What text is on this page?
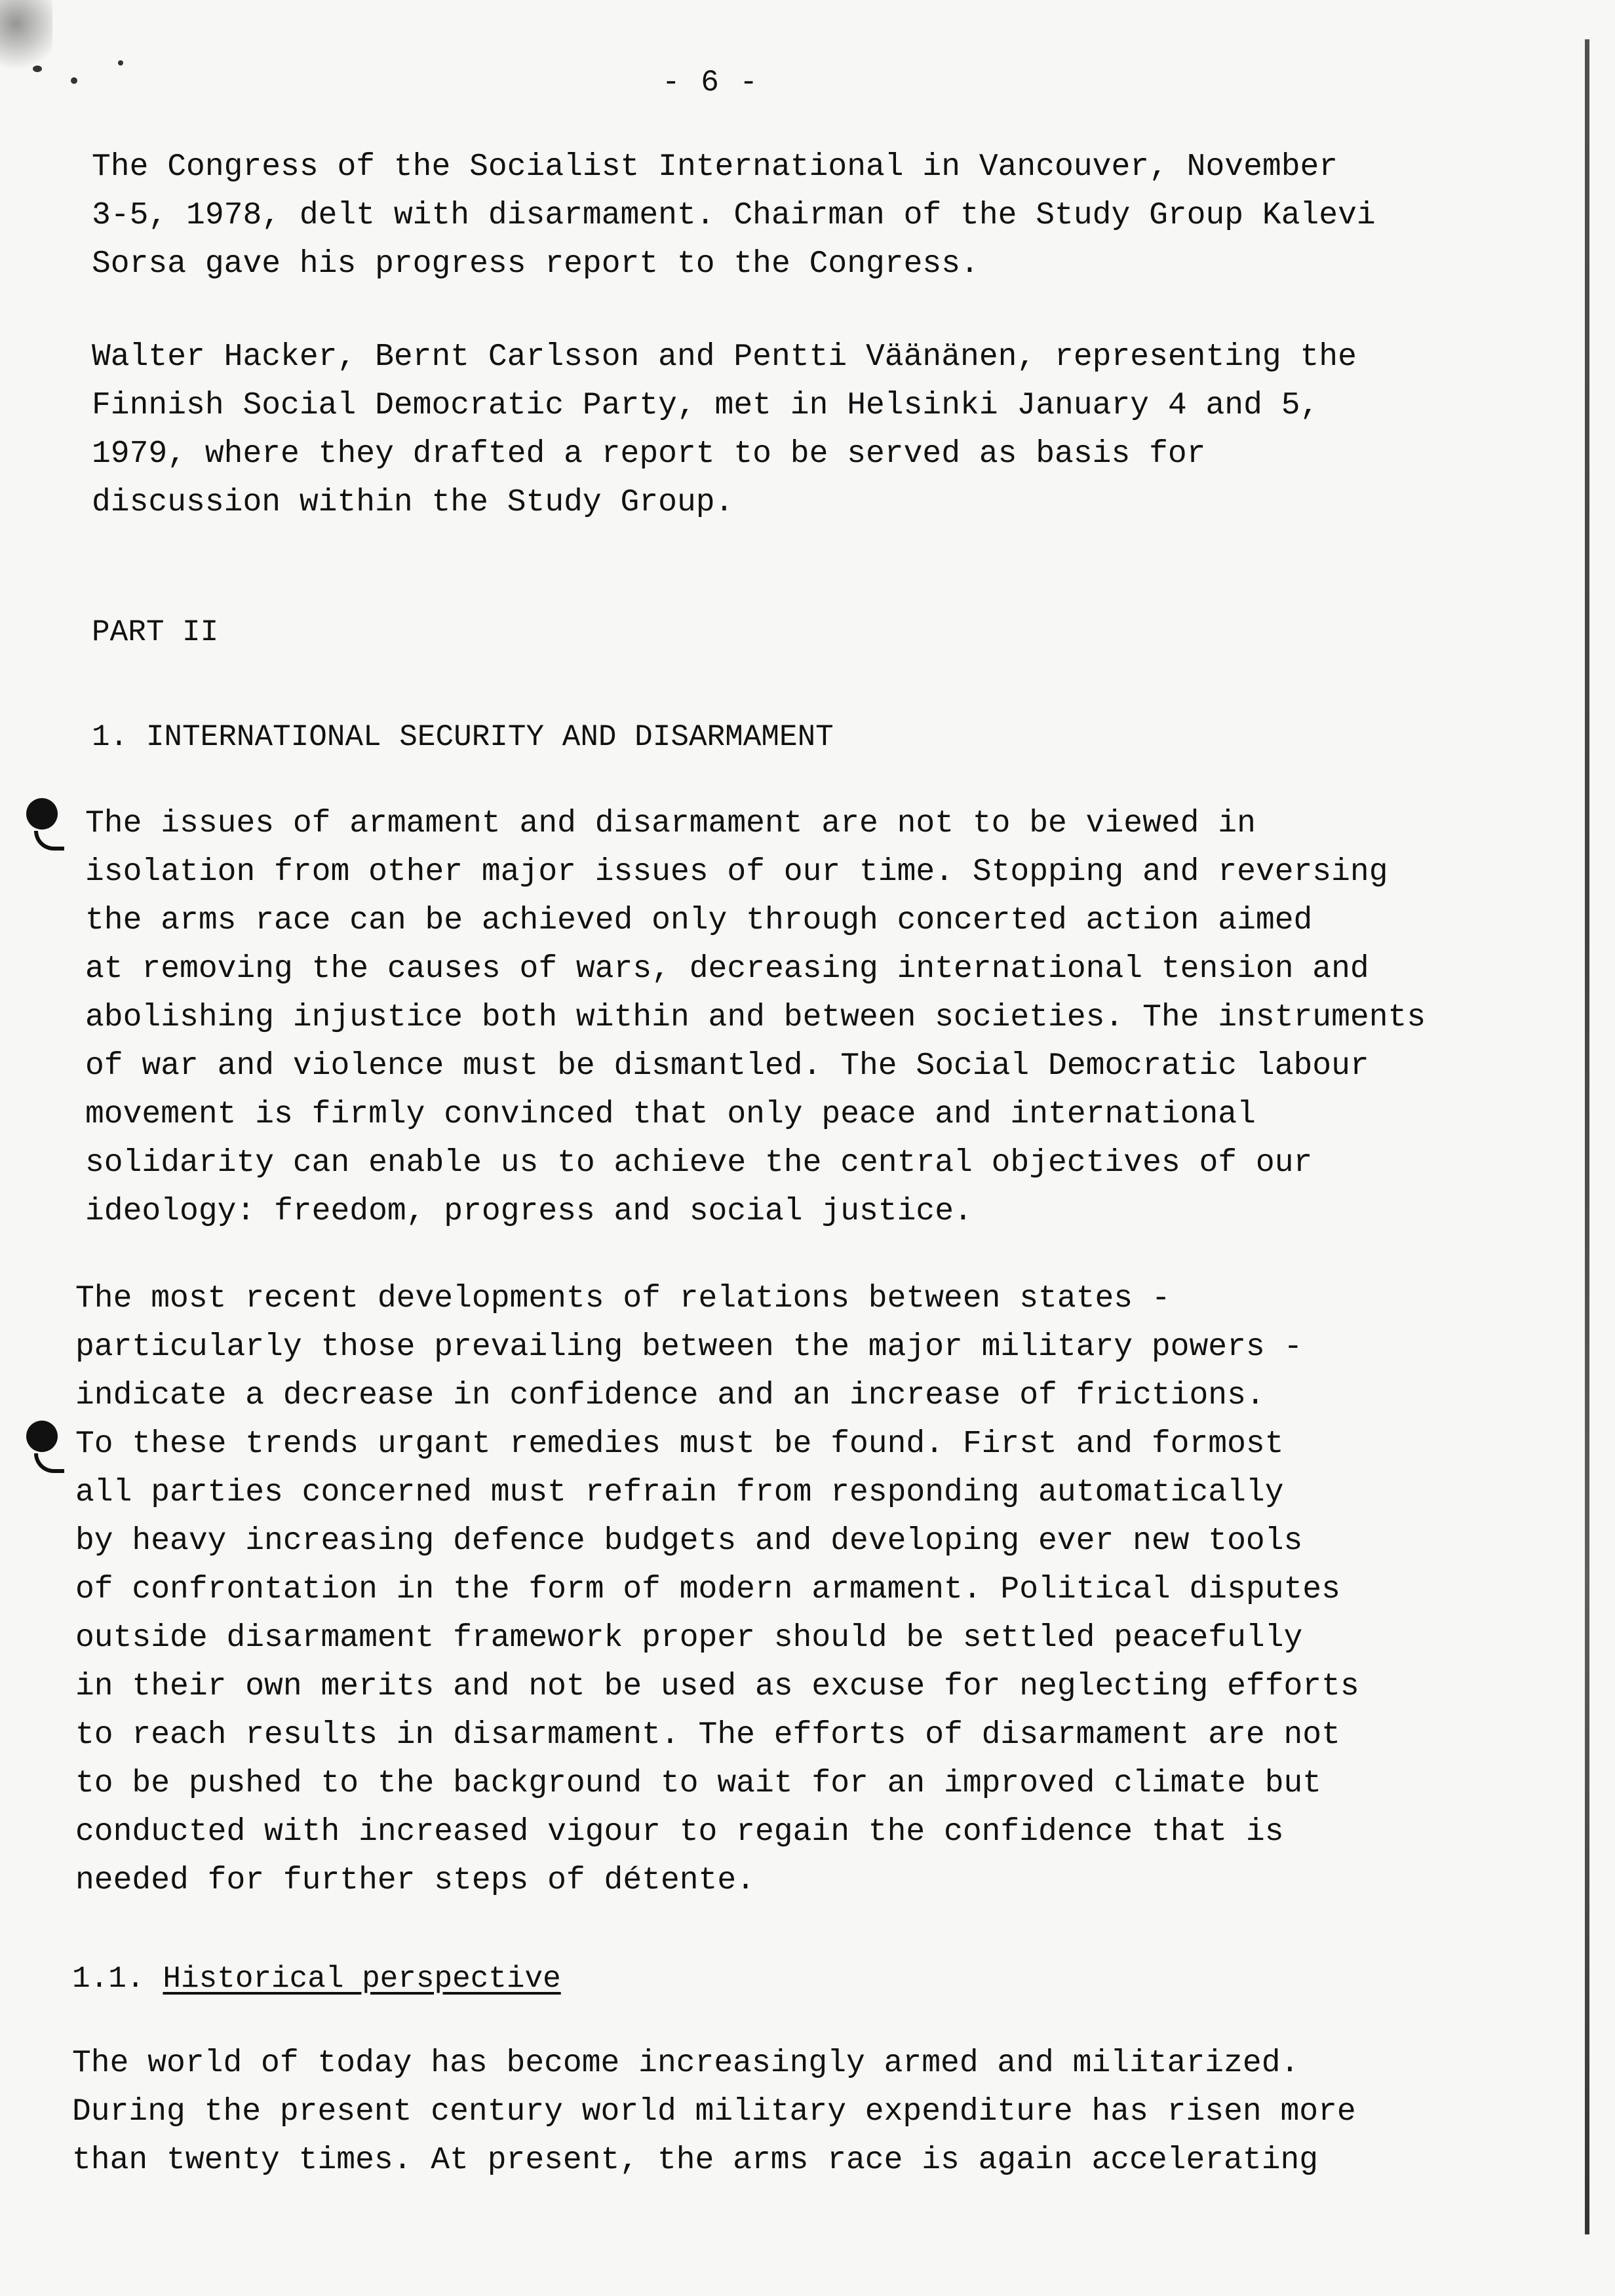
- 6 -

The Congress of the Socialist International in Vancouver, November
3-5, 1978, delt with disarmament. Chairman of the Study Group Kalevi
Sorsa gave his progress report to the Congress.

Walter Hacker, Bernt Carlsson and Pentti Väänänen, representing the
Finnish Social Democratic Party, met in Helsinki January 4 and 5,
1979, where they drafted a report to be served as basis for
discussion within the Study Group.

PART II
1. INTERNATIONAL SECURITY AND DISARMAMENT

The issues of armament and disarmament are not to be viewed in
isolation from other major issues of our time. Stopping and reversing
the arms race can be achieved only through concerted action aimed
at removing the causes of wars, decreasing international tension and
abolishing injustice both within and between societies. The instruments
of war and violence must be dismantled. The Social Democratic labour
movement is firmly convinced that only peace and international
solidarity can enable us to achieve the central objectives of our
ideology: freedom, progress and social justice.

The most recent developments of relations between states -
particularly those prevailing between the major military powers -
indicate a decrease in confidence and an increase of frictions.
To these trends urgant remedies must be found. First and formost
all parties concerned must refrain from responding automatically
by heavy increasing defence budgets and developing ever new tools
of confrontation in the form of modern armament. Political disputes
outside disarmament framework proper should be settled peacefully
in their own merits and not be used as excuse for neglecting efforts
to reach results in disarmament. The efforts of disarmament are not
to be pushed to the background to wait for an improved climate but
conducted with increased vigour to regain the confidence that is
needed for further steps of détente.

1.1. Historical perspective

The world of today has become increasingly armed and militarized.
During the present century world military expenditure has risen more
than twenty times. At present, the arms race is again accelerating
